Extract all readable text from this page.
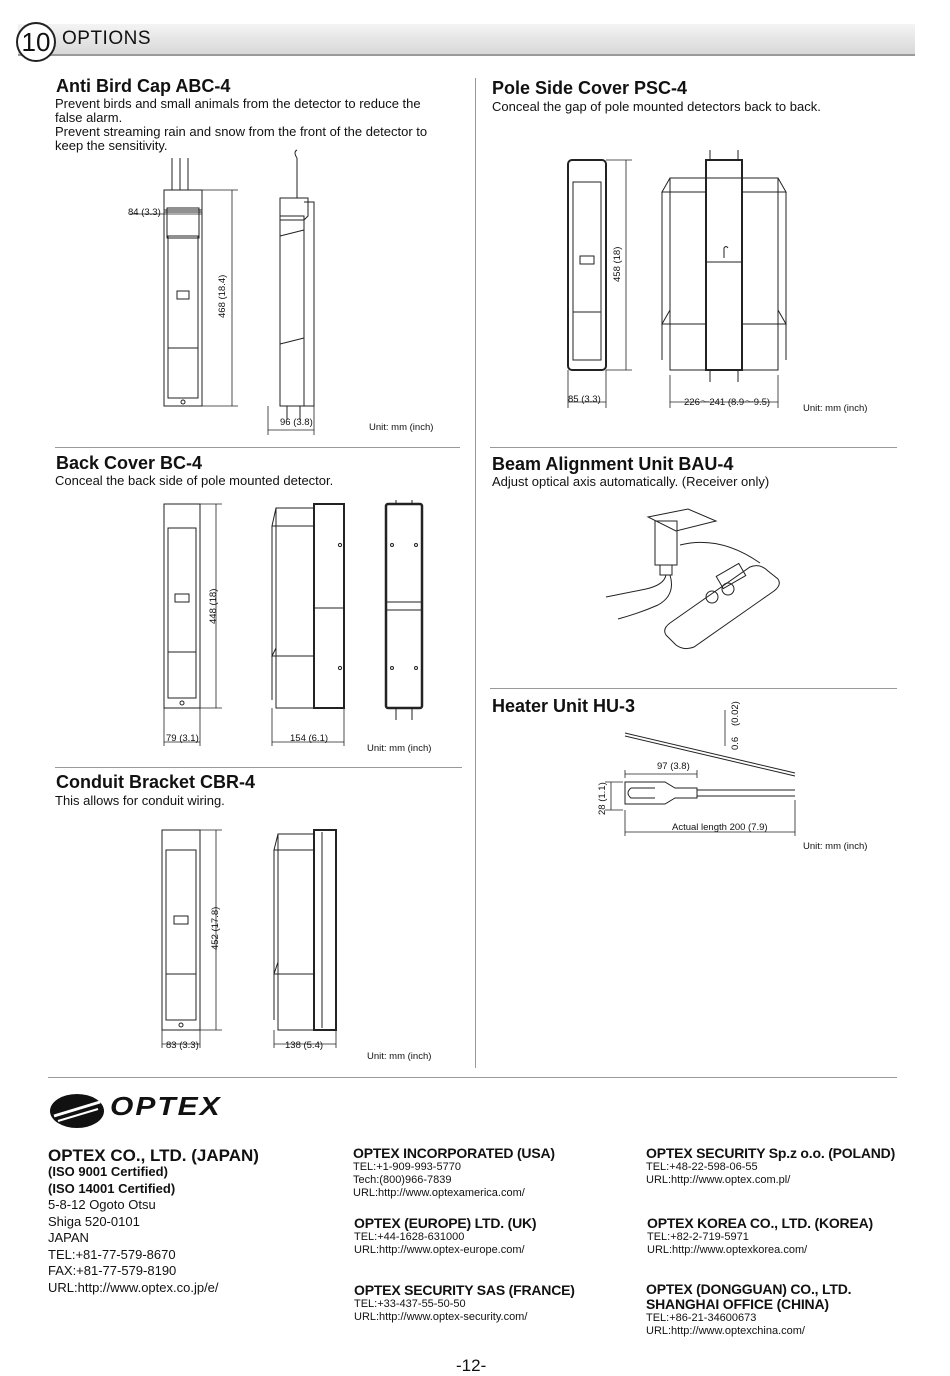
10 OPTIONS
Anti Bird Cap ABC-4
Prevent birds and small animals from the detector to reduce the
false alarm.
Prevent streaming rain and snow from the front of the detector to
keep the sensitivity.
84 (3.3)
468 (18.4)
96 (3.8)	Unit: mm (inch)
Pole Side Cover PSC-4
Conceal the gap of pole mounted detectors back to back.
458 (18)
85 (3.3)	226～241 (8.9～9.5)
Unit: mm (inch)
Back Cover BC-4
Conceal the back side of pole mounted detector.
448 (18)
79 (3.1)	154 (6.1)
Unit: mm (inch)
Beam Alignment Unit BAU-4
Adjust optical axis automatically. (Receiver only)
Heater Unit HU-3
0.6
(0.02)
97 (3.8)
28 (1.1)
Actual length 200 (7.9)
Unit: mm (inch)
Conduit Bracket CBR-4
This allows for conduit wiring.
452 (17.8)
83 (3.3)	138 (5.4)
Unit: mm (inch)
OPTEX
OPTEX CO., LTD. (JAPAN)
(ISO 9001 Certified)
(ISO 14001 Certified)
5-8-12 Ogoto Otsu
Shiga 520-0101
JAPAN
TEL:+81-77-579-8670
FAX:+81-77-579-8190
URL:http://www.optex.co.jp/e/
OPTEX INCORPORATED (USA)
TEL:+1-909-993-5770
Tech:(800)966-7839
URL:http://www.optexamerica.com/
OPTEX (EUROPE) LTD. (UK)
TEL:+44-1628-631000
URL:http://www.optex-europe.com/
OPTEX SECURITY SAS (FRANCE)
TEL:+33-437-55-50-50
URL:http://www.optex-security.com/
OPTEX SECURITY Sp.z o.o. (POLAND)
TEL:+48-22-598-06-55
URL:http://www.optex.com.pl/
OPTEX KOREA CO., LTD. (KOREA)
TEL:+82-2-719-5971
URL:http://www.optexkorea.com/
OPTEX (DONGGUAN) CO., LTD.
SHANGHAI OFFICE (CHINA)
TEL:+86-21-34600673
URL:http://www.optexchina.com/
-12-
